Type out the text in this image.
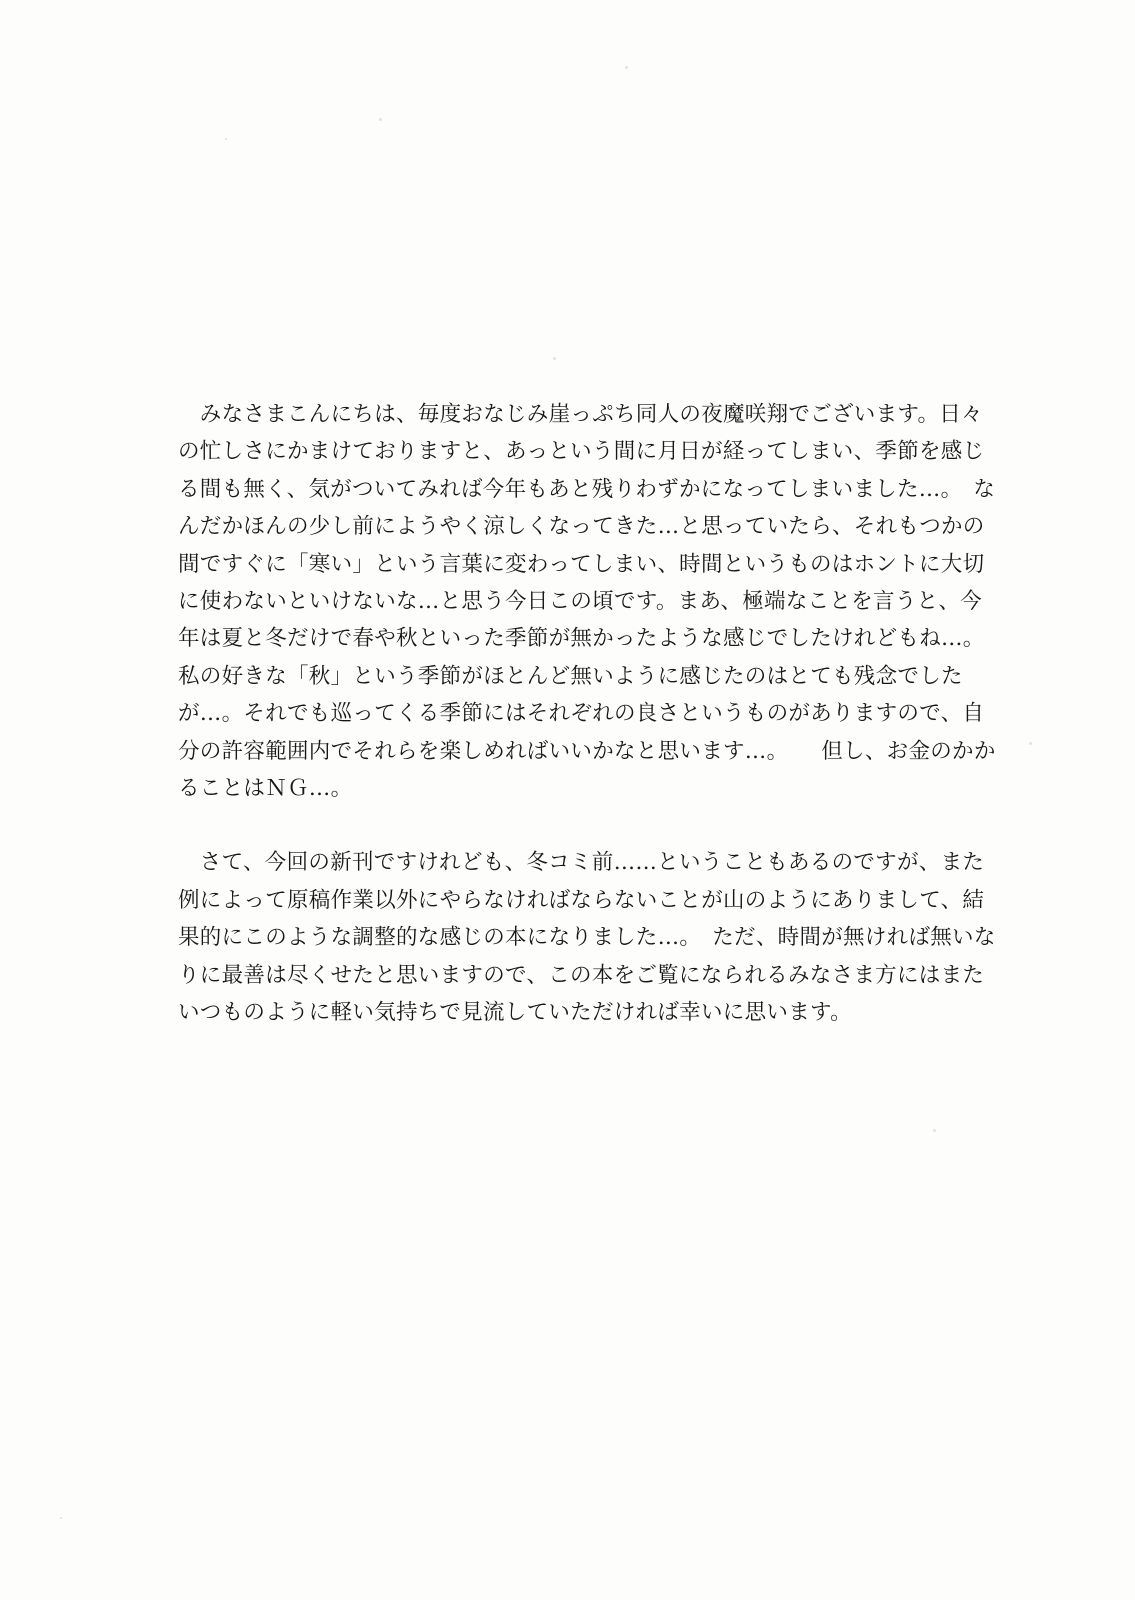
　みなさまこんにちは、毎度おなじみ崖っぷち同人の夜魔咲翔でございます。日々の忙しさにかまけておりますと、あっという間に月日が経ってしまい、季節を感じる間も無く、気がついてみれば今年もあと残りわずかになってしまいました…。　なんだかほんの少し前にようやく涼しくなってきた…と思っていたら、それもつかの間ですぐに「寒い」という言葉に変わってしまい、時間というものはホントに大切に使わないといけないな…と思う今日この頃です。まあ、極端なことを言うと、今年は夏と冬だけで春や秋といった季節が無かったような感じでしたけれどもね…。私の好きな「秋」という季節がほとんど無いように感じたのはとても残念でしたが…。それでも巡ってくる季節にはそれぞれの良さというものがありますので、自分の許容範囲内でそれらを楽しめればいいかなと思います…。　　但し、お金のかかることはＮＧ…。

　さて、今回の新刊ですけれども、冬コミ前……ということもあるのですが、また例によって原稿作業以外にやらなければならないことが山のようにありまして、結果的にこのような調整的な感じの本になりました…。　ただ、時間が無ければ無いなりに最善は尽くせたと思いますので、この本をご覧になられるみなさま方にはまたいつものように軽い気持ちで見流していただければ幸いに思います。
